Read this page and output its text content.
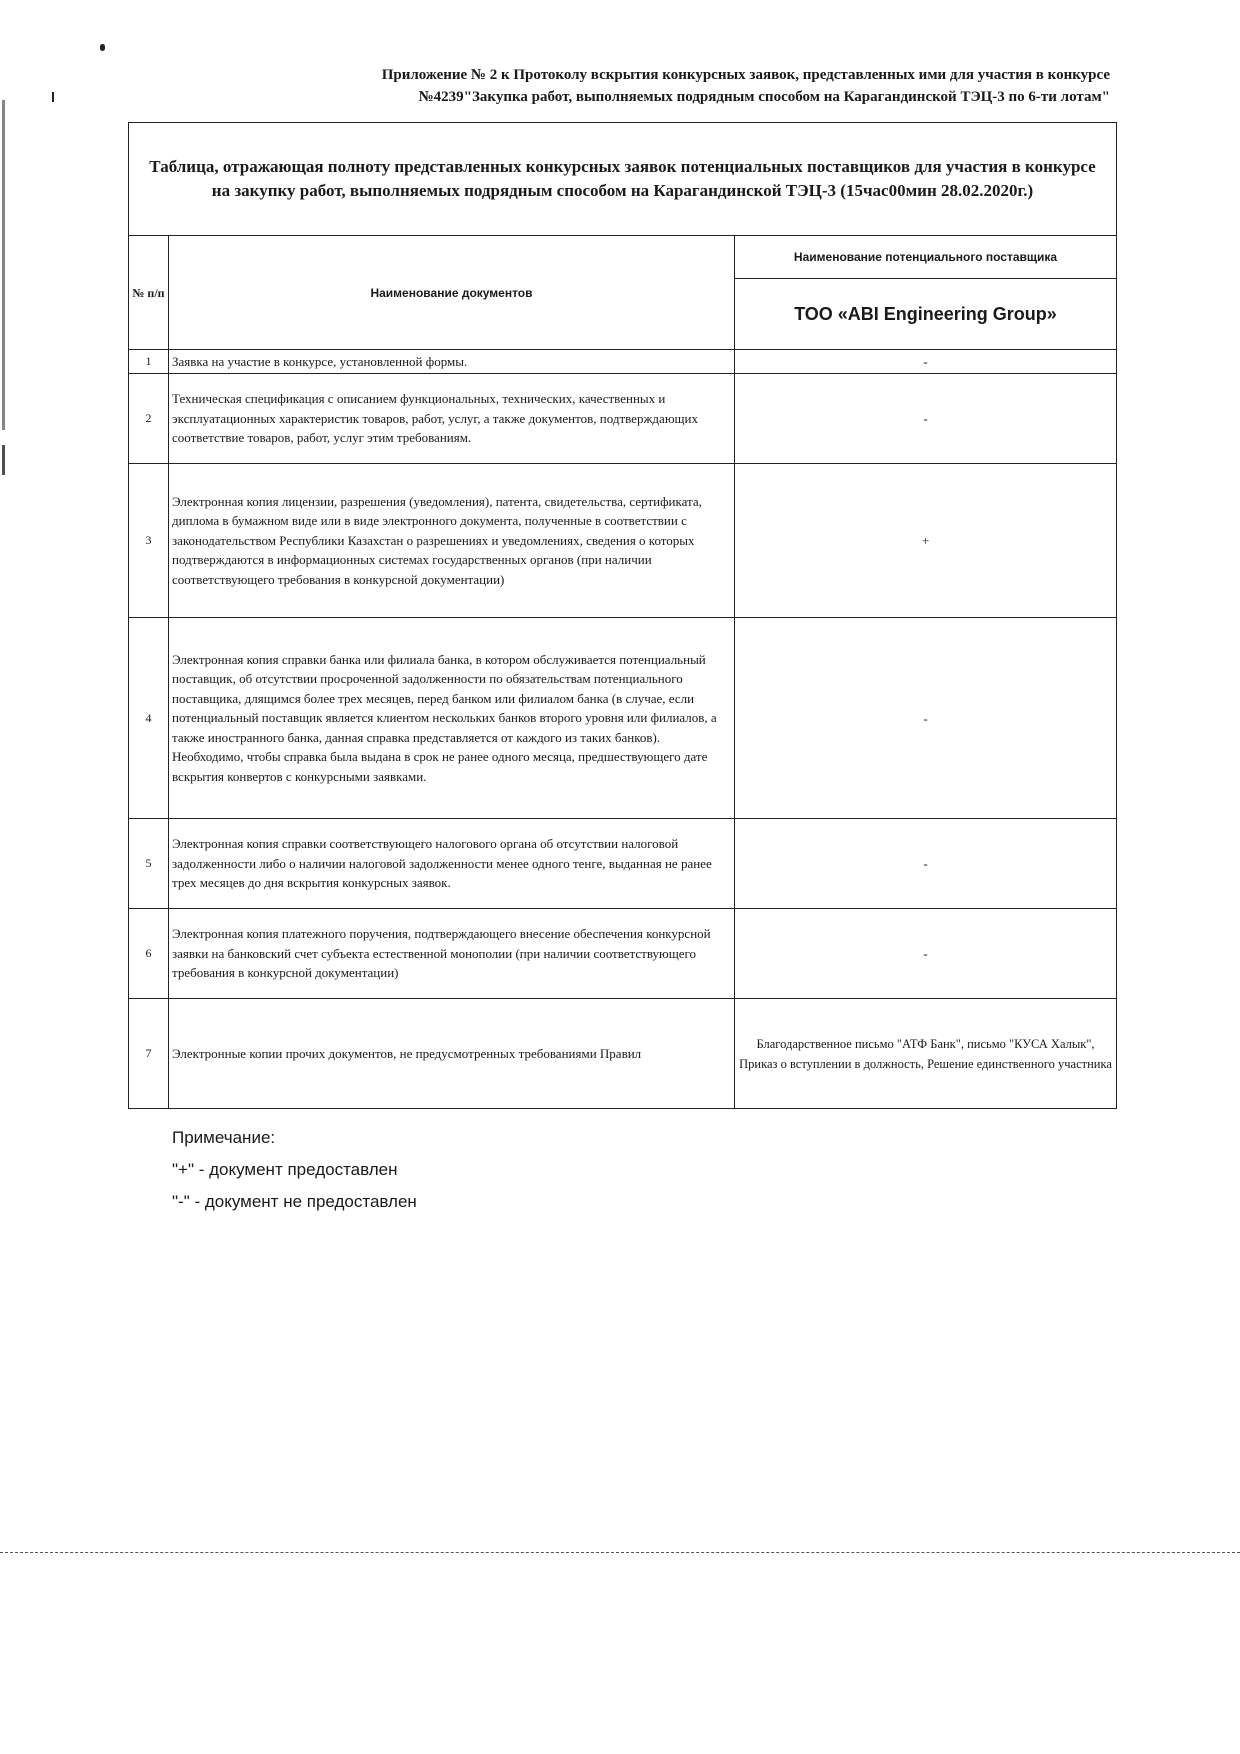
Приложение № 2 к Протоколу вскрытия конкурсных заявок, представленных ими для участия в конкурсе
№4239"Закупка работ, выполняемых подрядным способом на Карагандинской ТЭЦ-3 по 6-ти лотам"
Таблица, отражающая полноту представленных конкурсных заявок потенциальных поставщиков для участия в конкурсе на закупку работ, выполняемых подрядным способом на Карагандинской ТЭЦ-3 (15час00мин 28.02.2020г.)		
№ п/п	Наименование документов	Наименование потенциального поставщика
		ТОО «ABI Engineering Group»
1	Заявка на участие в конкурсе, установленной формы.	-
2	Техническая спецификация с описанием функциональных, технических, качественных и эксплуатационных характеристик товаров, работ, услуг, а также документов, подтверждающих соответствие товаров, работ, услуг этим требованиям.	-
3	Электронная копия лицензии, разрешения (уведомления), патента, свидетельства, сертификата, диплома в бумажном виде или в виде электронного документа, полученные в соответствии с законодательством Республики Казахстан о разрешениях и уведомлениях, сведения о которых подтверждаются в информационных системах государственных органов (при наличии соответствующего требования в конкурсной документации)	+
4	Электронная копия справки банка или филиала банка, в котором обслуживается потенциальный поставщик, об отсутствии просроченной задолженности по обязательствам потенциального поставщика, длящимся более трех месяцев, перед банком или филиалом банка (в случае, если потенциальный поставщик является клиентом нескольких банков второго уровня или филиалов, а также иностранного банка, данная справка представляется от каждого из таких банков). Необходимо, чтобы справка была выдана в срок не ранее одного месяца, предшествующего дате вскрытия конвертов с конкурсными заявками.	-
5	Электронная копия справки соответствующего налогового органа об отсутствии налоговой задолженности либо о наличии налоговой задолженности менее одного тенге, выданная не ранее трех месяцев до дня вскрытия конкурсных заявок.	-
6	Электронная копия платежного поручения, подтверждающего внесение обеспечения конкурсной заявки на банковский счет субъекта естественной монополии (при наличии соответствующего требования в конкурсной документации)	-
7	Электронные копии прочих документов, не предусмотренных требованиями Правил	Благодарственное письмо "АТФ Банк", письмо "КУСА Халык", Приказ о вступлении в должность, Решение единственного участника
Примечание:
"+" - документ предоставлен
"-" - документ не предоставлен
